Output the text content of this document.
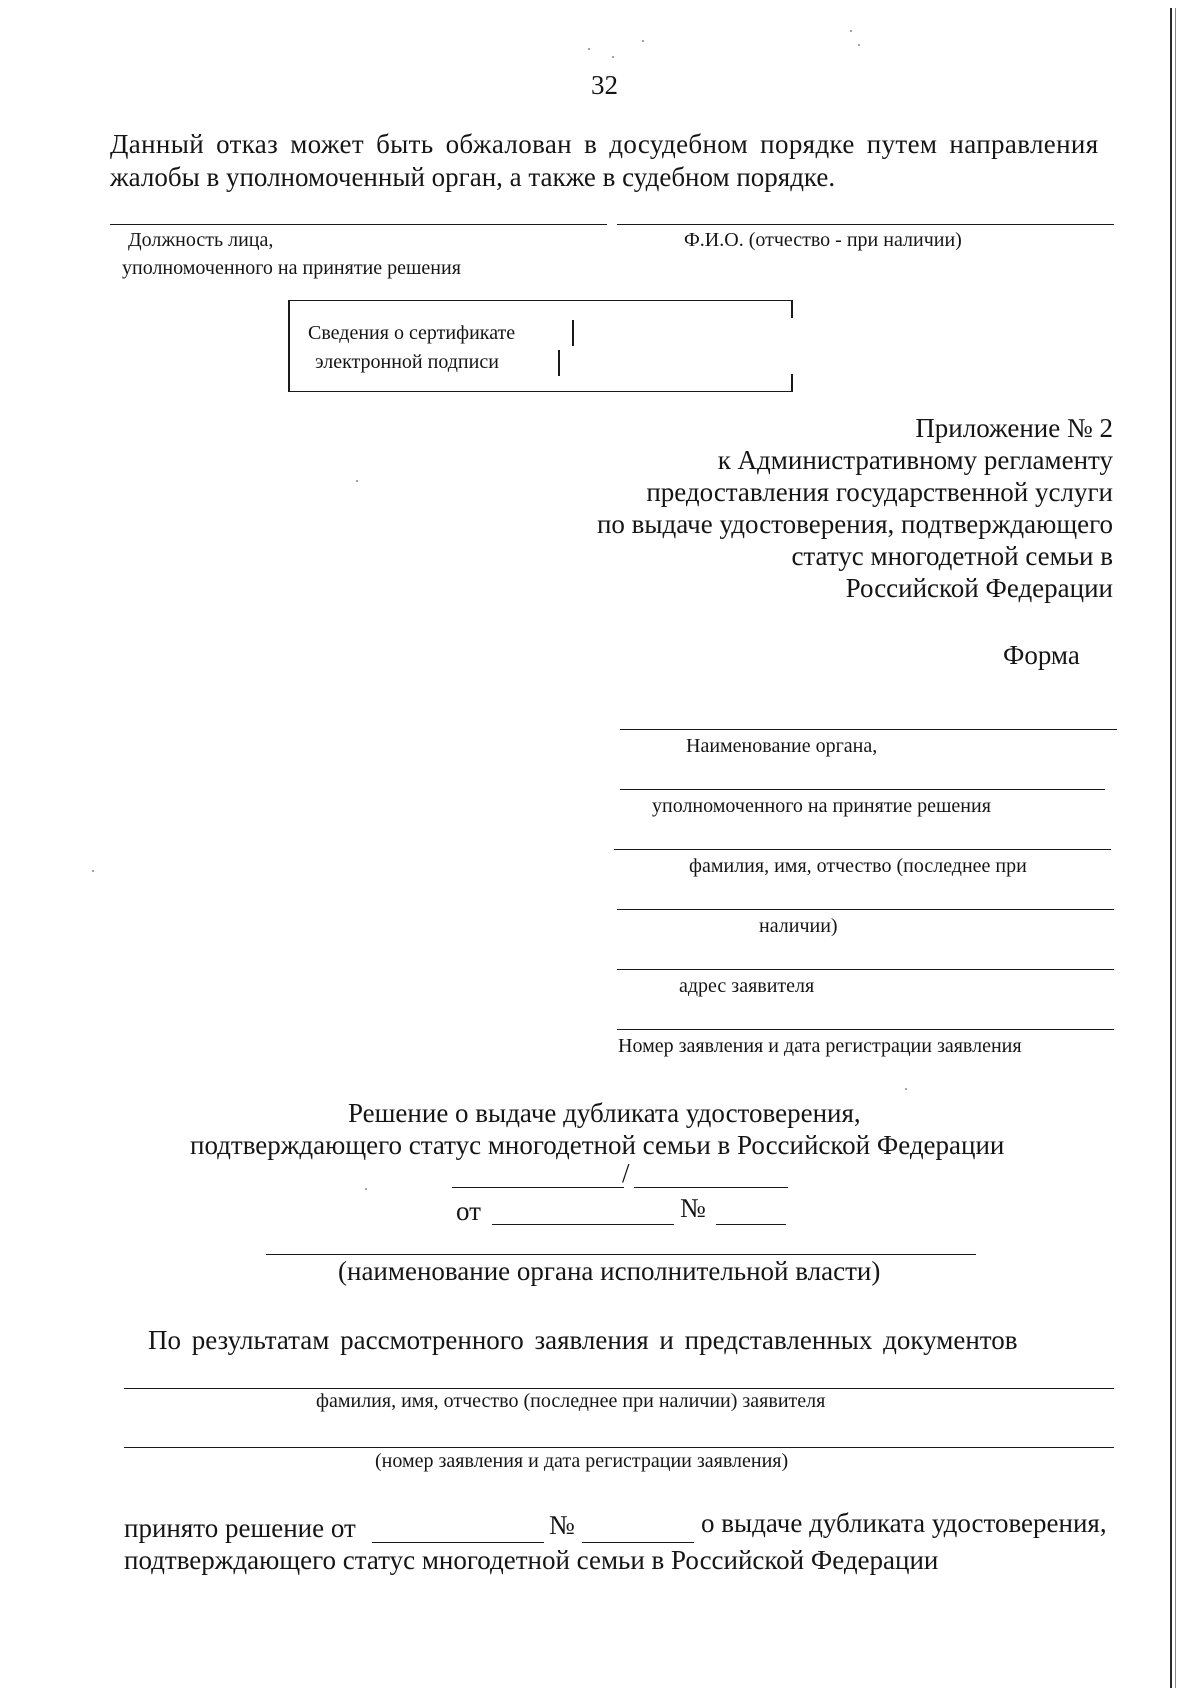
32
Данный отказ может быть обжалован в досудебном порядке путем направления
жалобы в уполномоченный орган, а также в судебном порядке.
Должность лица,
уполномоченного на принятие решения
Ф.И.О. (отчество - при наличии)
Сведения о сертификате
электронной подписи
Приложение № 2
к Административному регламенту
предоставления государственной услуги
по выдаче удостоверения, подтверждающего
статус многодетной семьи в
Российской Федерации
Форма
Наименование органа,
уполномоченного на принятие решения
фамилия, имя, отчество (последнее при
наличии)
адрес заявителя
Номер заявления и дата регистрации заявления
Решение о выдаче дубликата удостоверения,
подтверждающего статус многодетной семьи в Российской Федерации
/
от	№
(наименование органа исполнительной власти)
По результатам рассмотренного заявления и представленных документов
фамилия, имя, отчество (последнее при наличии) заявителя
(номер заявления и дата регистрации заявления)
принято решение от	№	о выдаче дубликата удостоверения,
подтверждающего статус многодетной семьи в Российской Федерации
